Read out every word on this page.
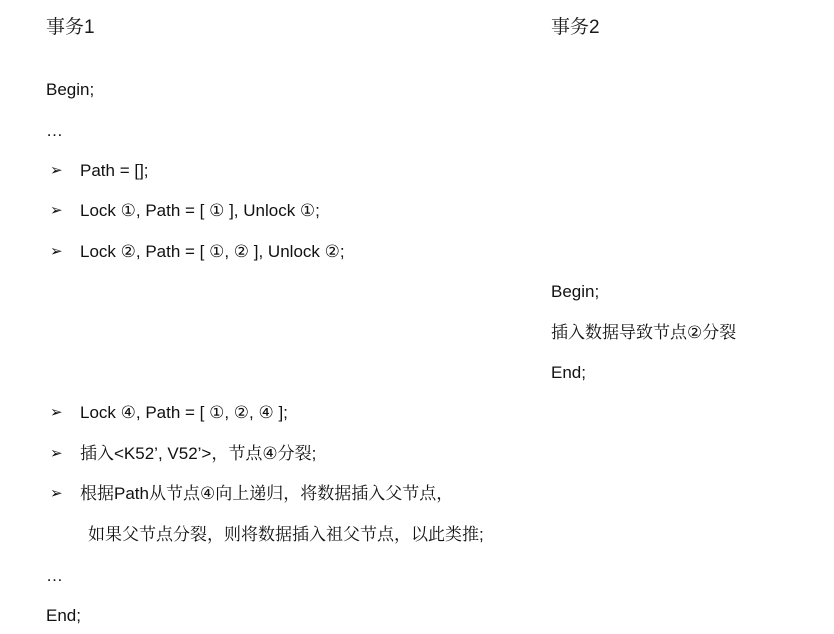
事务1
Begin;
…
➢ Path = [];
➢ Lock ①, Path = [ ① ], Unlock ①;
➢ Lock ②, Path = [ ①, ② ], Unlock ②;
➢ Lock ④, Path = [ ①, ②, ④ ];
➢ 插入<K52’, V52’>，节点④分裂;
➢ 根据Path从节点④向上递归，将数据插入父节点，
如果父节点分裂，则将数据插入祖父节点，以此类推;
…
End;
事务2
Begin;
插入数据导致节点②分裂
End;
